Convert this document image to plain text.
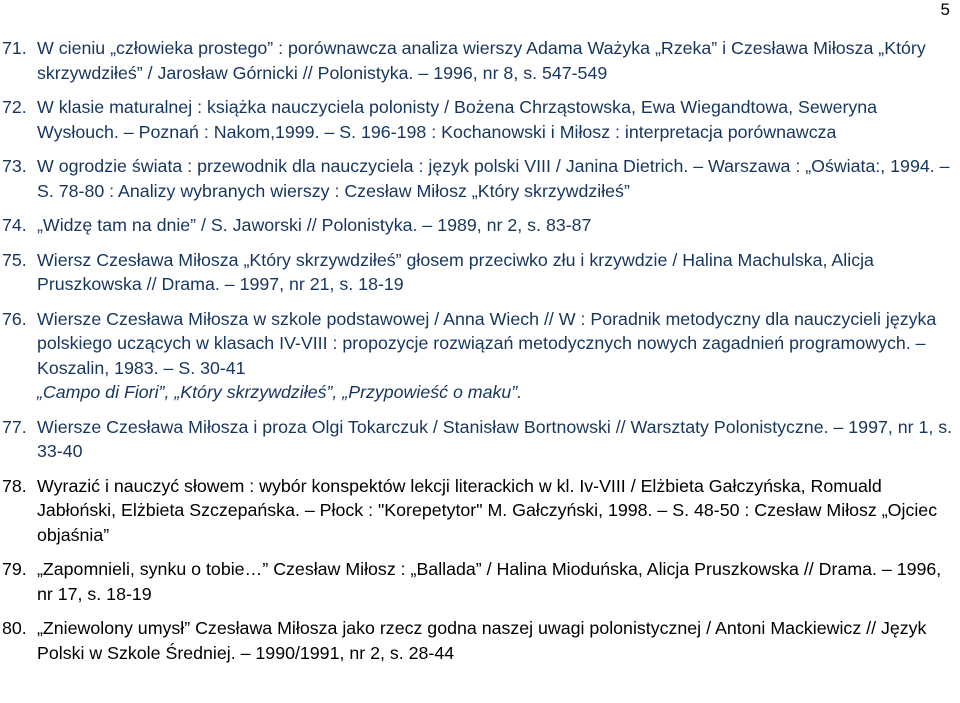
5
71. W cieniu „człowieka prostego” : porównawcza analiza wierszy Adama Ważyka „Rzeka” i Czesława Miłosza „Który skrzywdziłeś” / Jarosław Górnicki // Polonistyka. – 1996, nr 8, s. 547-549
72. W klasie maturalnej : książka nauczyciela polonisty / Bożena Chrząstowska, Ewa Wiegandtowa, Seweryna Wysłouch. – Poznań : Nakom,1999. – S. 196-198 : Kochanowski i Miłosz : interpretacja porównawcza
73. W ogrodzie świata : przewodnik dla nauczyciela : język polski VIII / Janina Dietrich. – Warszawa : „Oświata:, 1994. – S. 78-80 : Analizy wybranych wierszy : Czesław Miłosz „Który skrzywdziłeś”
74. „Widzę tam na dnie” / S. Jaworski // Polonistyka. – 1989, nr 2, s. 83-87
75. Wiersz Czesława Miłosza „Który skrzywdziłeś” głosem przeciwko złu i krzywdzie / Halina Machulska, Alicja Pruszkowska // Drama. – 1997, nr 21, s. 18-19
76. Wiersze Czesława Miłosza w szkole podstawowej / Anna Wiech // W : Poradnik metodyczny dla nauczycieli języka polskiego uczących w klasach IV-VIII : propozycje rozwiązań metodycznych nowych zagadnień programowych. – Koszalin, 1983. – S. 30-41
„Campo di Fiori”, „Który skrzywdziłeś”, „Przypowieść o maku”.
77. Wiersze Czesława Miłosza i proza Olgi Tokarczuk / Stanisław Bortnowski // Warsztaty Polonistyczne. – 1997, nr 1, s. 33-40
78. Wyrazić i nauczyć słowem : wybór konspektów lekcji literackich w kl. Iv-VIII / Elżbieta Gałczyńska, Romuald Jabłoński, Elżbieta Szczepańska. – Płock : "Korepetytor" M. Gałczyński, 1998. – S. 48-50 : Czesław Miłosz „Ojciec objaśnia”
79. „Zapomnieli, synku o tobie…” Czesław Miłosz : „Ballada” / Halina Mioduńska, Alicja Pruszkowska // Drama. – 1996, nr 17, s. 18-19
80. „Zniewolony umysł” Czesława Miłosza jako rzecz godna naszej uwagi polonistycznej / Antoni Mackiewicz // Język Polski w Szkole Średniej. – 1990/1991, nr 2, s. 28-44
